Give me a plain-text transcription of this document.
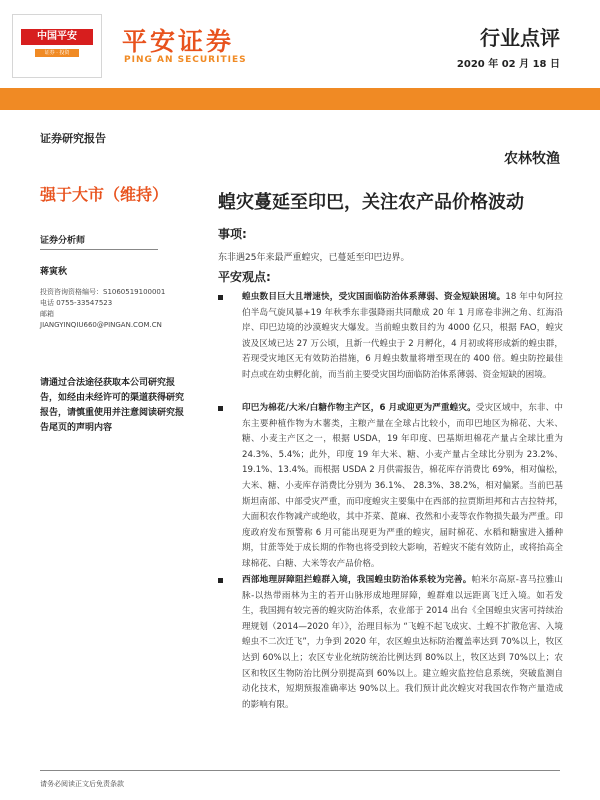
中国平安
证券 · 投资	平安证券
PING AN SECURITIES
行业点评
2020 年 02 月 18 日
证券研究报告
强于大市（维持）
证券分析师
蒋寅秋
投资咨询资格编号：S1060519100001
电话 0755-33547523
邮箱
JIANGYINQIU660@PINGAN.COM.CN
请通过合法途径获取本公司研究报告，如经由未经许可的渠道获得研究报告，请慎重使用并注意阅读研究报告尾页的声明内容
农林牧渔
蝗灾蔓延至印巴，关注农产品价格波动
事项:
东非遇25年来最严重蝗灾，已蔓延至印巴边界。
平安观点:
蝗虫数目巨大且增速快，受灾国面临防治体系薄弱、资金短缺困境。18 年中旬阿拉伯半岛气旋风暴+19 年秋季东非强降雨共同酿成 20 年 1 月席卷非洲之角、红海沿岸、印巴边境的沙漠蝗灾大爆发。当前蝗虫数目约为 4000 亿只，根据 FAO，蝗灾波及区域已达 27 万公顷，且新一代蝗虫于 2 月孵化，4 月初或将形成新的蝗虫群，若现受灾地区无有效防治措施，6 月蝗虫数量将增至现在的 400 倍。蝗虫防控最佳时点或在幼虫孵化前，而当前主要受灾国均面临防治体系薄弱、资金短缺的困境。
印巴为棉花/大米/白糖作物主产区，6 月或迎更为严重蝗灾。受灾区域中，东非、中东主要种植作物为木薯类，主粮产量在全球占比较小，而印巴地区为棉花、大米、糖、小麦主产区之一，根据 USDA，19 年印度、巴基斯坦棉花产量占全球比重为 24.3%、5.4%；此外，印度 19 年大米、糖、小麦产量占全球比分别为 23.2%、19.1%、13.4%。而根据 USDA 2 月供需报告，棉花库存消费比 69%，相对偏松，大米、糖、小麦库存消费比分别为 36.1%、 28.3%、38.2%，相对偏紧。当前巴基斯坦南部、中部受灾严重，而印度蝗灾主要集中在西部的拉贾斯坦邦和古吉拉特邦，大面积农作物减产或绝收，其中芥菜、蓖麻、孜然和小麦等农作物损失最为严重。印度政府发布预警称 6 月可能出现更为严重的蝗灾，届时棉花、水稻和糖蜜进入播种期，甘蔗等处于成长期的作物也将受到较大影响，若蝗灾不能有效防止，或将抬高全球棉花、白糖、大米等农产品价格。
西部地理屏障阻拦蝗群入境，我国蝗虫防治体系较为完善。帕米尔高原-喜马拉雅山脉-以热带雨林为主的若开山脉形成地理屏障，蝗群难以远距离飞迁入境。如若发生，我国拥有较完善的蝗灾防治体系，农业部于 2014 出台《全国蝗虫灾害可持续治理规划（2014—2020 年）》，治理目标为 “飞蝗不起飞成灾、土蝗不扩散危害、入境蝗虫不二次迁飞”，力争到 2020 年，农区蝗虫达标防治覆盖率达到 70%以上，牧区达到 60%以上；农区专业化统防统治比例达到 80%以上，牧区达到 70%以上；农区和牧区生物防治比例分别提高到 60%以上。建立蝗灾监控信息系统，突破监测自动化技术，短期预报准确率达 90%以上。我们预计此次蝗灾对我国农作物产量造成的影响有限。
请务必阅读正文后免责条款
